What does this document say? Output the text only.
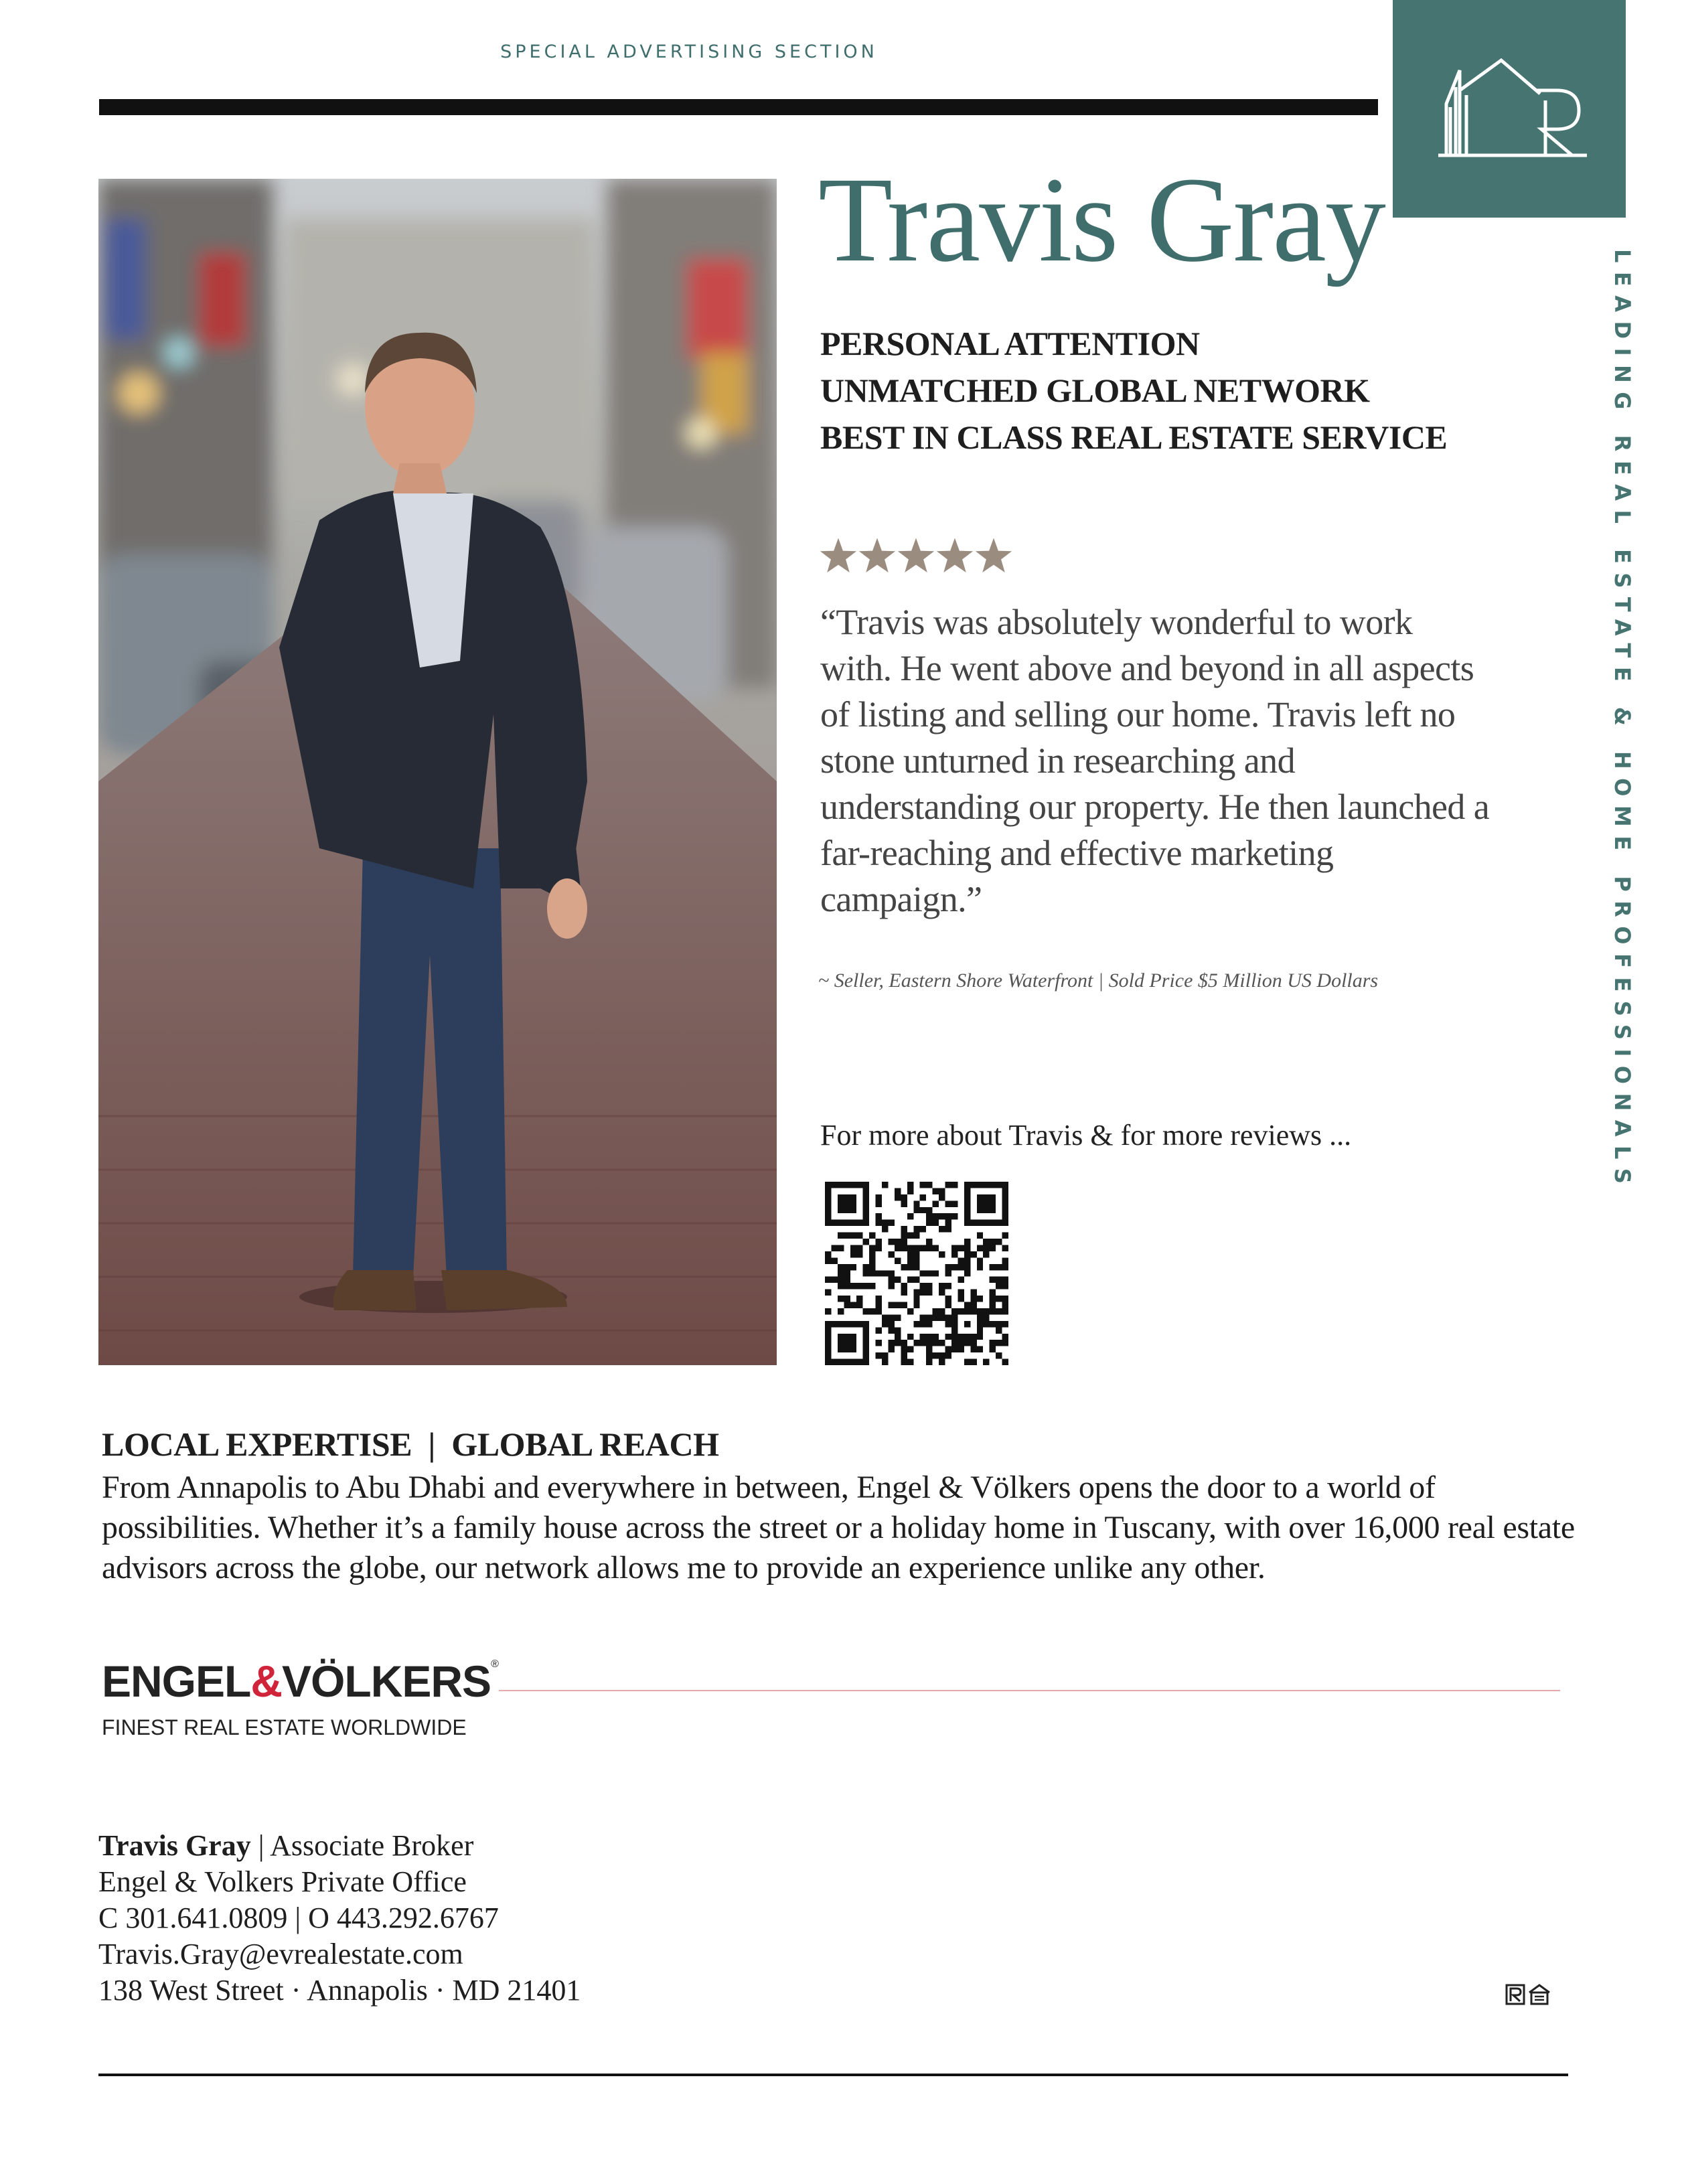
SPECIAL ADVERTISING SECTION
LEADING REAL ESTATE & HOME PROFESSIONALS
Travis Gray
PERSONAL ATTENTION
UNMATCHED GLOBAL NETWORK
BEST IN CLASS REAL ESTATE SERVICE
“Travis was absolutely wonderful to work with. He went above and beyond in all aspects of listing and selling our home. Travis left no stone unturned in researching and understanding our property. He then launched a far-reaching and effective marketing campaign.”
~ Seller, Eastern Shore Waterfront | Sold Price $5 Million US Dollars
For more about Travis & for more reviews ...
LOCAL EXPERTISE  |  GLOBAL REACH
From Annapolis to Abu Dhabi and everywhere in between, Engel & Völkers opens the door to a world of possibilities. Whether it’s a family house across the street or a holiday home in Tuscany, with over 16,000 real estate advisors across the globe, our network allows me to provide an experience unlike any other.
ENGEL&VÖLKERS®
FINEST REAL ESTATE WORLDWIDE
Travis Gray | Associate Broker
Engel & Volkers Private Office
C 301.641.0809 | O 443.292.6767
Travis.Gray@evrealestate.com
138 West Street · Annapolis · MD 21401
